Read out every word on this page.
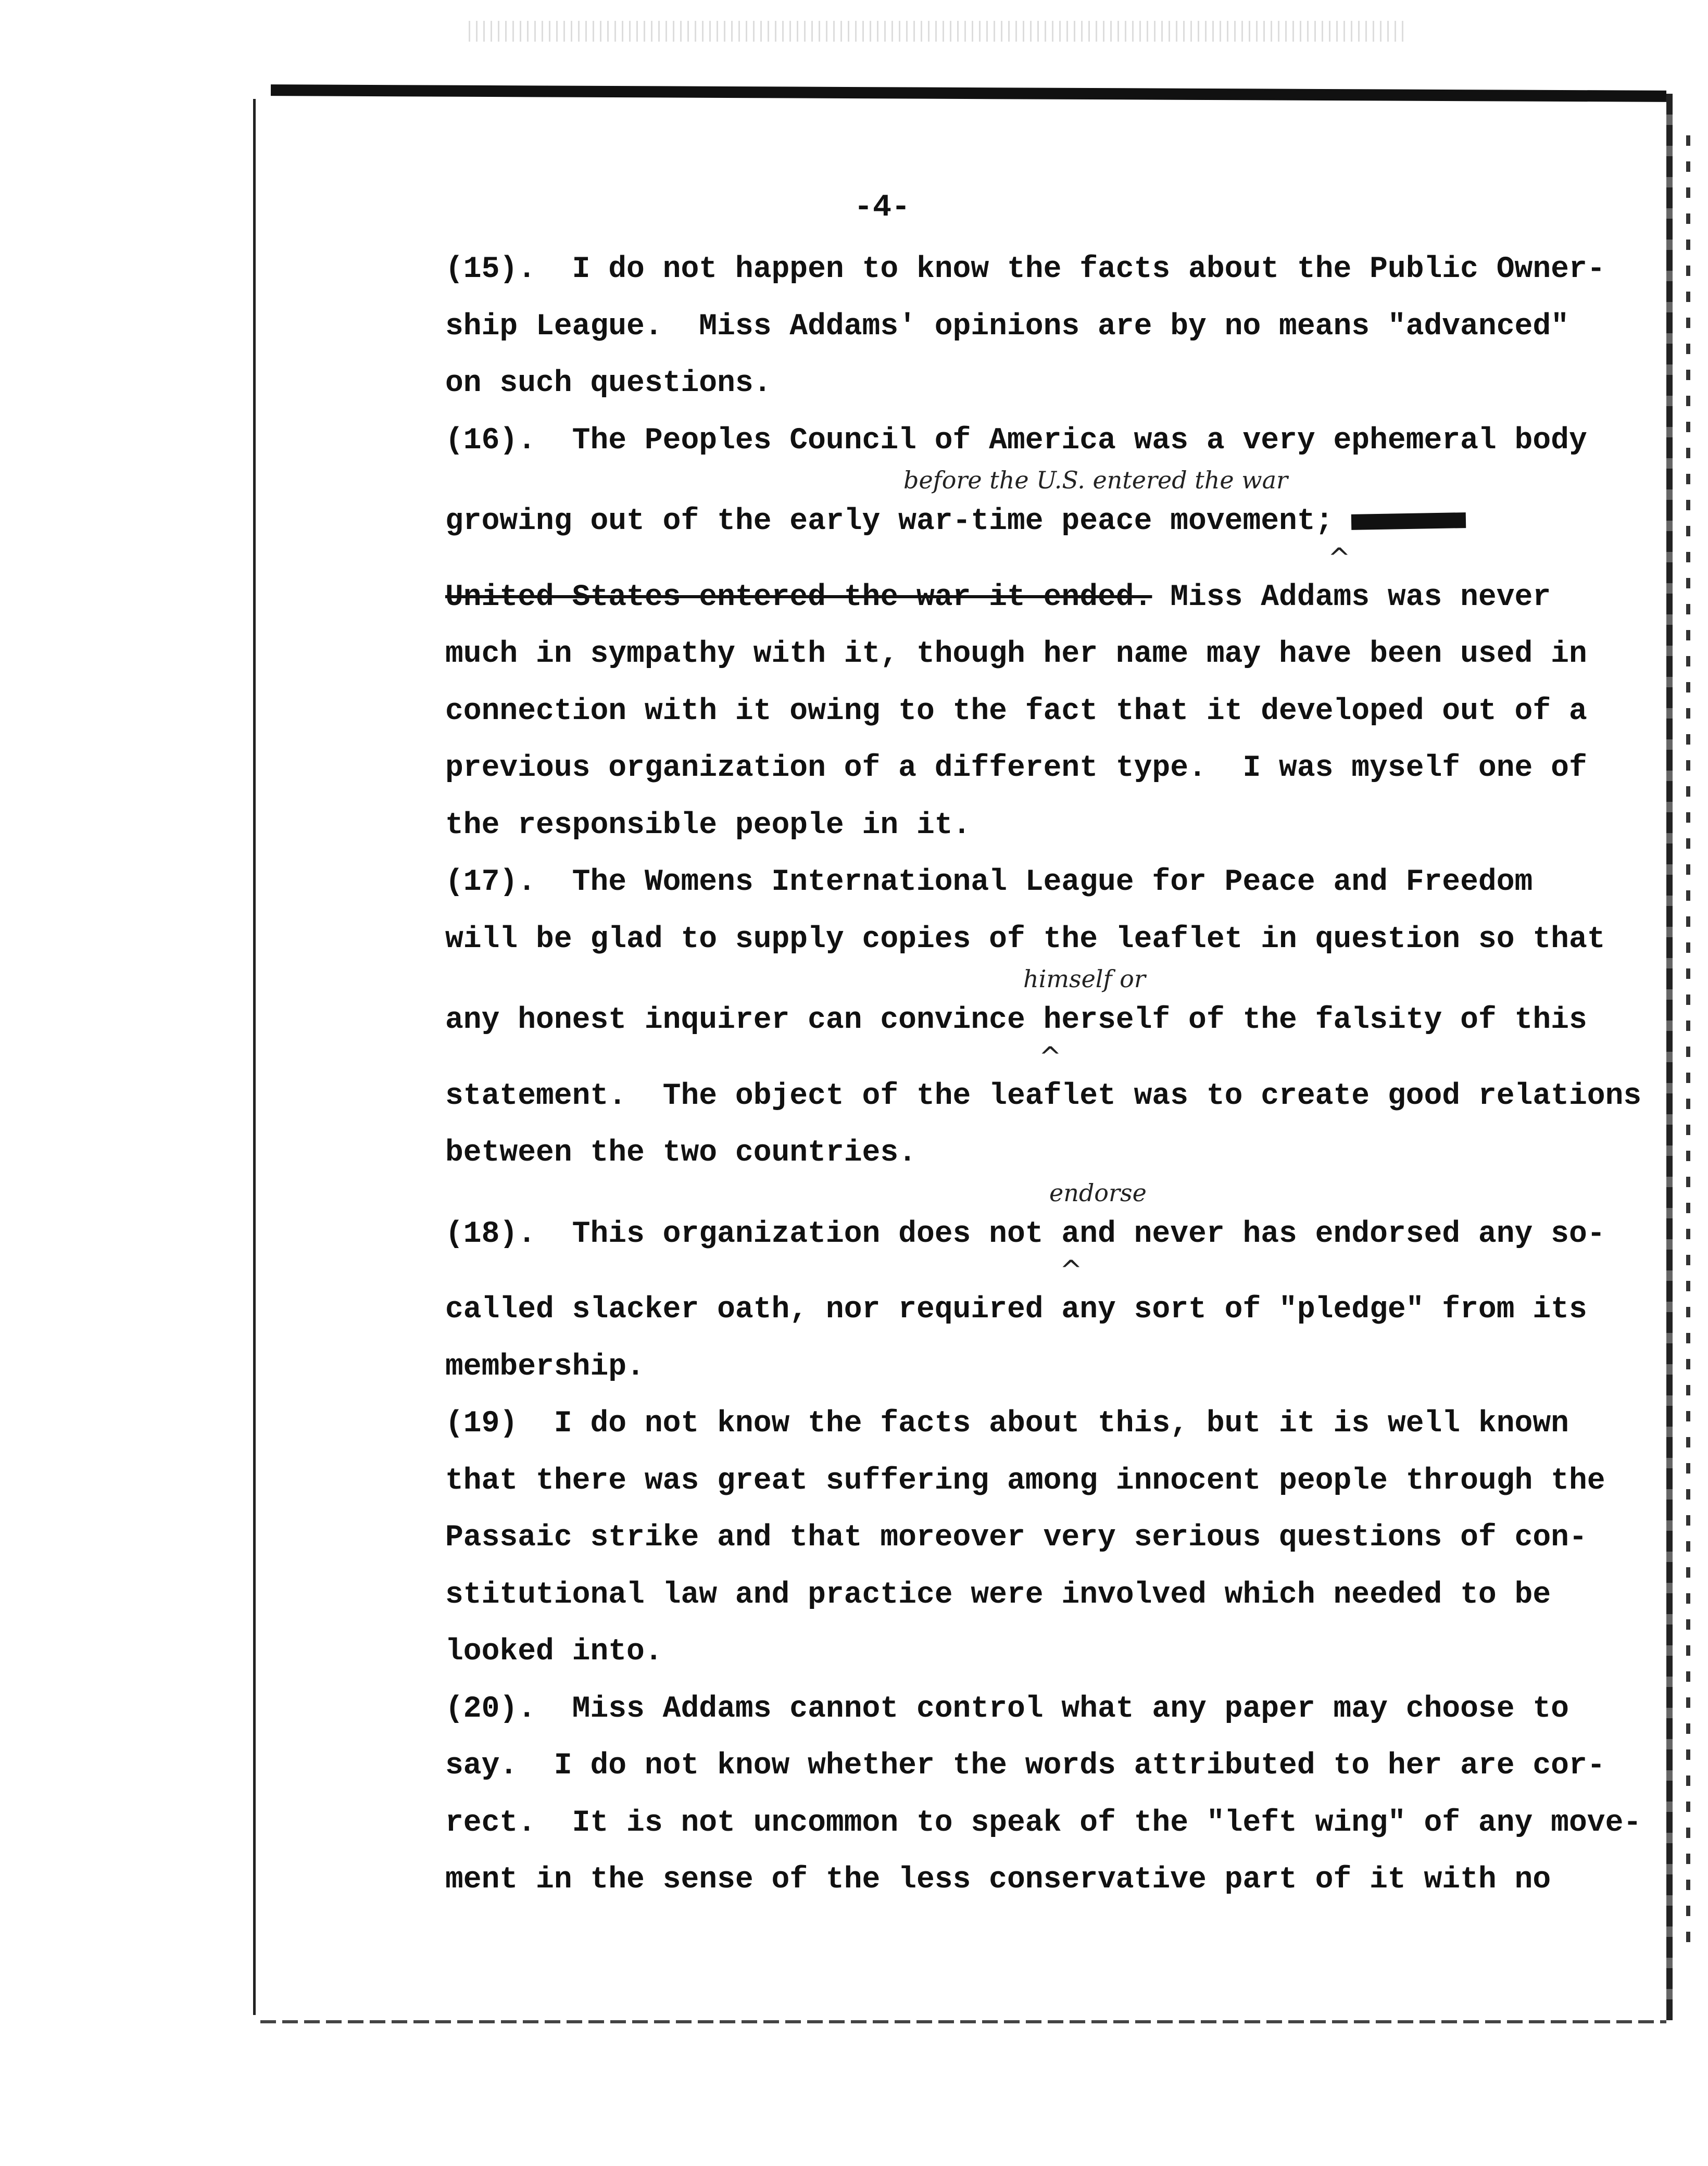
-4-
(15).  I do not happen to know the facts about the Public Owner-
ship League.  Miss Addams' opinions are by no means "advanced"
on such questions.
(16).  The Peoples Council of America was a very ephemeral body
before the U.S. entered the war
growing out of the early war-time peace movement;
^
United States entered the war it ended. Miss Addams was never
much in sympathy with it, though her name may have been used in
connection with it owing to the fact that it developed out of a
previous organization of a different type.  I was myself one of
the responsible people in it.
(17).  The Womens International League for Peace and Freedom
will be glad to supply copies of the leaflet in question so that
himself or
any honest inquirer can convince herself of the falsity of this
^
statement.  The object of the leaflet was to create good relations
between the two countries.
endorse
(18).  This organization does not and never has endorsed any so-
^
called slacker oath, nor required any sort of "pledge" from its
membership.
(19)  I do not know the facts about this, but it is well known
that there was great suffering among innocent people through the
Passaic strike and that moreover very serious questions of con-
stitutional law and practice were involved which needed to be
looked into.
(20).  Miss Addams cannot control what any paper may choose to
say.  I do not know whether the words attributed to her are cor-
rect.  It is not uncommon to speak of the "left wing" of any move-
ment in the sense of the less conservative part of it with no
